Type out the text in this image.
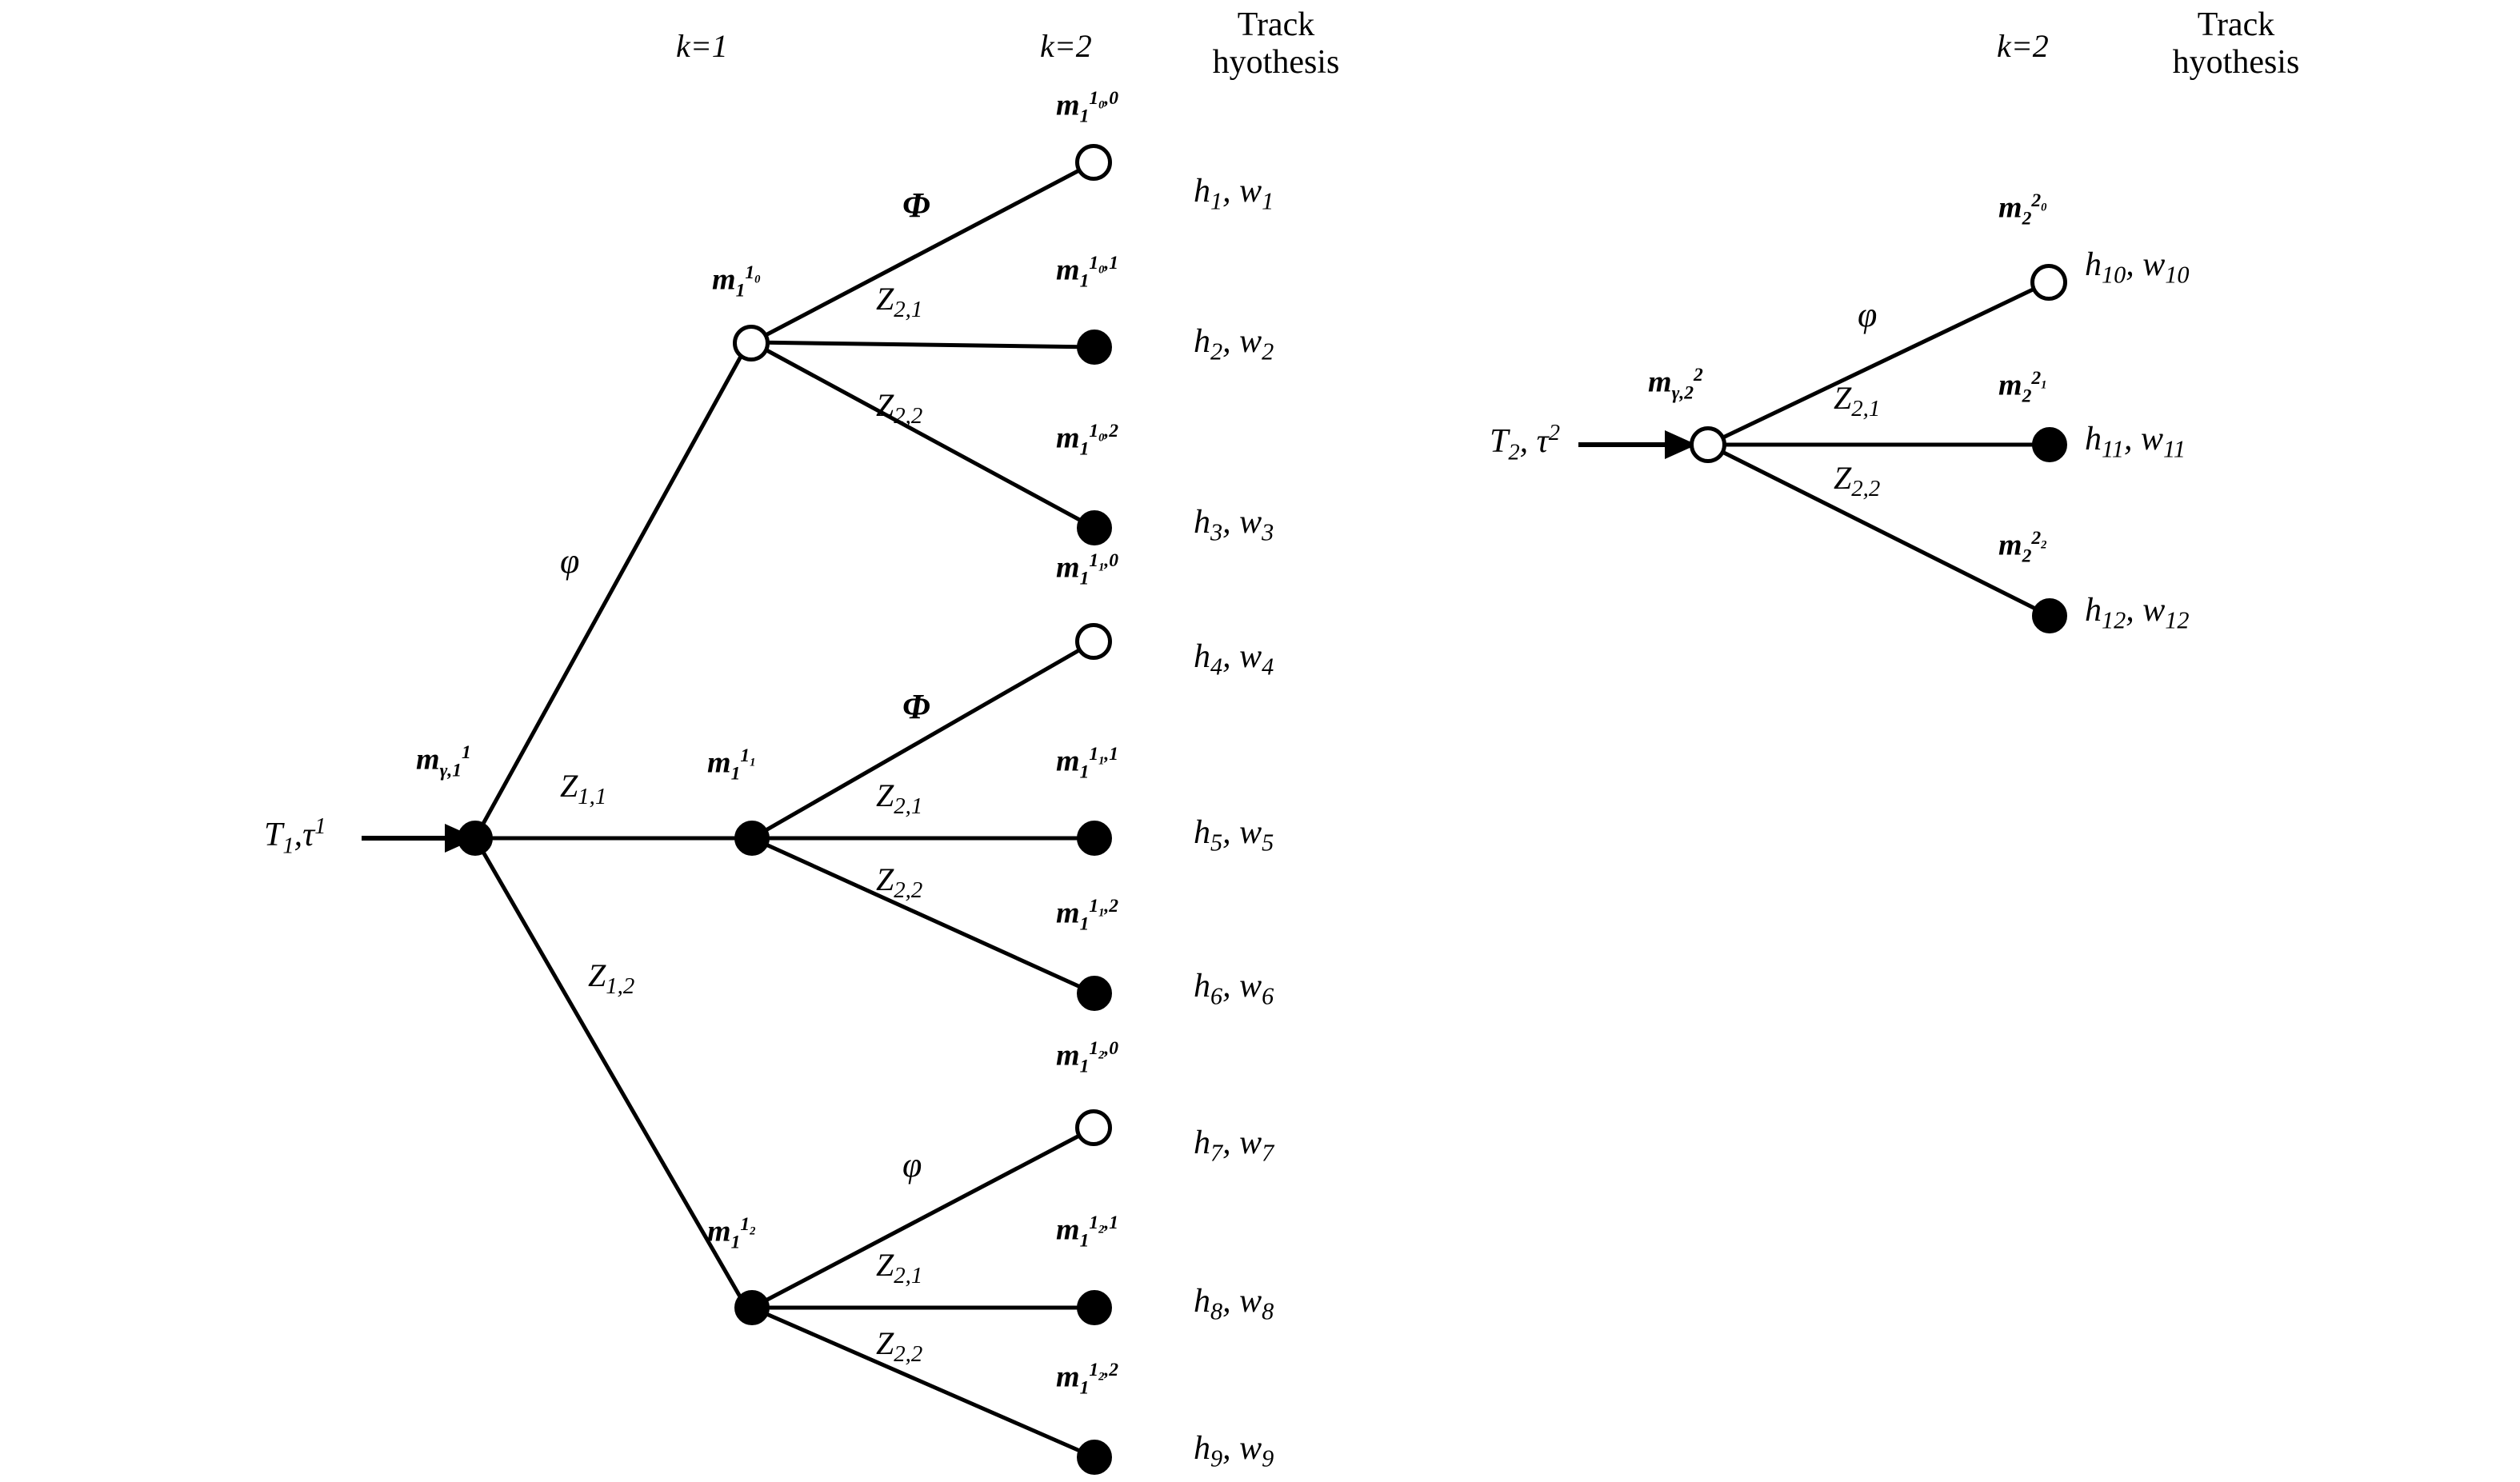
k=1	k=2
Track
hyothesis	k=2
Track
hyothesis
$T_1,\tau^1$
$m_{\gamma,1}^1$
$m_1^{1_0}$
φ
$m_1^{1_1}$
$Z_{1,1}$
$m_1^{1_2}$
$Z_{1,2}$
$m_1^{1_0,0}$
Φ	$h_1$, $w_1$
$m_1^{1_0,1}$
$Z_{2,1}$
$h_2$, $w_2$
$m_1^{1_0,2}$
$Z_{2,2}$
$h_3$, $w_3$
$m_1^{1_1,0}$
Φ
$h_4$, $w_4$
$m_1^{1_1,1}$
$Z_{2,1}$
$h_5$, $w_5$
$m_1^{1_1,2}$
$Z_{2,2}$
$h_6$, $w_6$
$m_1^{1_2,0}$
φ
$h_7$, $w_7$
$m_1^{1_2,1}$
$Z_{2,1}$
$h_8$, $w_8$
$m_1^{1_2,2}$
$Z_{2,2}$
$h_9$, $w_9$
$T_2$, $\tau^2$
$m_{\gamma,2}^2$
$m_2^{2_0}$
φ
$h_{10}$, $w_{10}$
$m_2^{2_1}$
$Z_{2,1}$
$h_{11}$, $w_{11}$
$m_2^{2_2}$
$Z_{2,2}$
$h_{12}$, $w_{12}$
